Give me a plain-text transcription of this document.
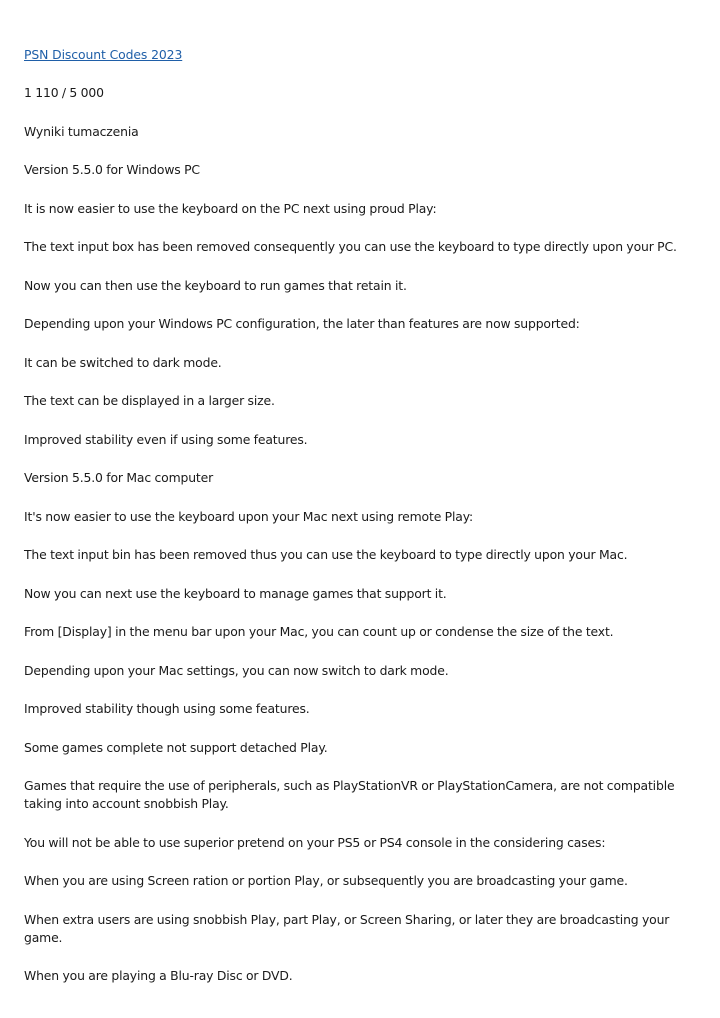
PSN Discount Codes 2023

1 110 / 5 000

Wyniki tumaczenia

Version 5.5.0 for Windows PC

It is now easier to use the keyboard on the PC next using proud Play:

The text input box has been removed consequently you can use the keyboard to type directly upon your PC.

Now you can then use the keyboard to run games that retain it.

Depending upon your Windows PC configuration, the later than features are now supported:

It can be switched to dark mode.

The text can be displayed in a larger size.

Improved stability even if using some features.

Version 5.5.0 for Mac computer

It's now easier to use the keyboard upon your Mac next using remote Play:

The text input bin has been removed thus you can use the keyboard to type directly upon your Mac.

Now you can next use the keyboard to manage games that support it.

From [Display] in the menu bar upon your Mac, you can count up or condense the size of the text.

Depending upon your Mac settings, you can now switch to dark mode.

Improved stability though using some features.

Some games complete not support detached Play.

Games that require the use of peripherals, such as PlayStationVR or PlayStationCamera, are not compatible taking into account snobbish Play.

You will not be able to use superior pretend on your PS5 or PS4 console in the considering cases:

When you are using Screen ration or portion Play, or subsequently you are broadcasting your game.

When extra users are using snobbish Play, part Play, or Screen Sharing, or later they are broadcasting your game.

When you are playing a Blu-ray Disc or DVD.
